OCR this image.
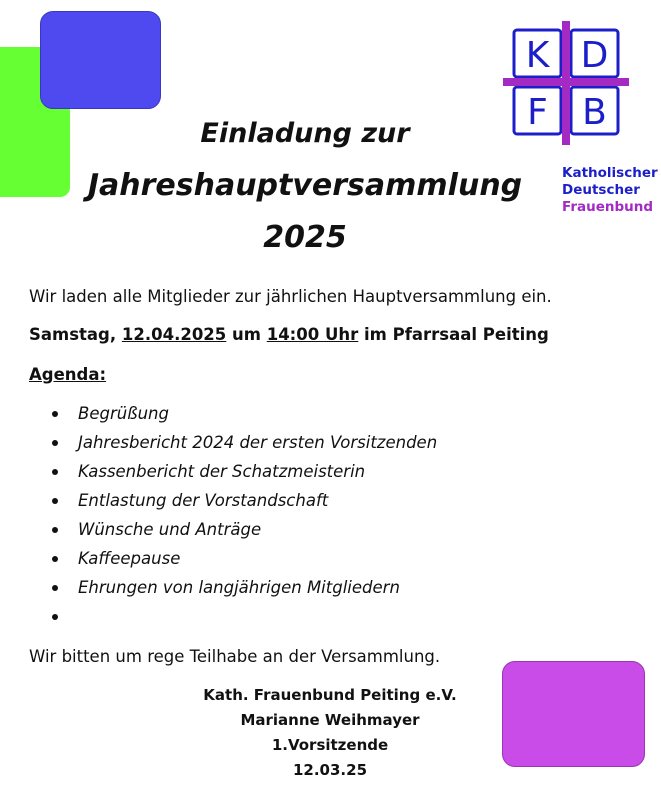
Einladung zur
Jahreshauptversammlung
2025
K D
F B
Katholischer
Deutscher
Frauenbund
Wir laden alle Mitglieder zur jährlichen Hauptversammlung ein.
Samstag, 12.04.2025 um 14:00 Uhr im Pfarrsaal Peiting
Agenda:
Begrüßung
Jahresbericht 2024 der ersten Vorsitzenden
Kassenbericht der Schatzmeisterin
Entlastung der Vorstandschaft
Wünsche und Anträge
Kaffeepause
Ehrungen von langjährigen Mitgliedern
Wir bitten um rege Teilhabe an der Versammlung.
Kath. Frauenbund Peiting e.V.
Marianne Weihmayer
1.Vorsitzende
12.03.25
